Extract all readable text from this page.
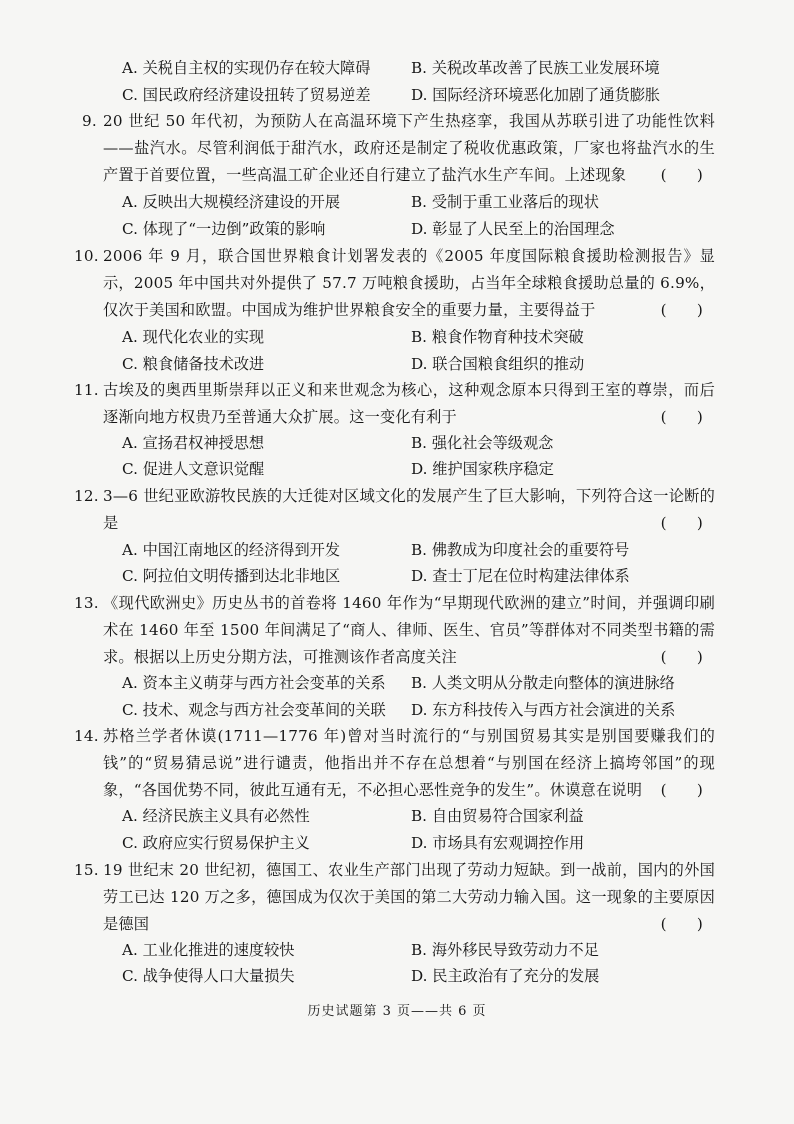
A. 关税自主权的实现仍存在较大障碍	B. 关税改革改善了民族工业发展环境
C. 国民政府经济建设扭转了贸易逆差	D. 国际经济环境恶化加剧了通货膨胀
9. 20 世纪 50 年代初，为预防人在高温环境下产生热痉挛，我国从苏联引进了功能性饮料——盐汽水。尽管利润低于甜汽水，政府还是制定了税收优惠政策，厂家也将盐汽水的生产置于首要位置，一些高温工矿企业还自行建立了盐汽水生产车间。上述现象 (      )
A. 反映出大规模经济建设的开展	B. 受制于重工业落后的现状
C. 体现了“一边倒”政策的影响	D. 彰显了人民至上的治国理念
10. 2006 年 9 月，联合国世界粮食计划署发表的《2005 年度国际粮食援助检测报告》显示，2005 年中国共对外提供了 57.7 万吨粮食援助，占当年全球粮食援助总量的 6.9%，仅次于美国和欧盟。中国成为维护世界粮食安全的重要力量，主要得益于	(      )
A. 现代化农业的实现	B. 粮食作物育种技术突破
C. 粮食储备技术改进	D. 联合国粮食组织的推动
11. 古埃及的奥西里斯崇拜以正义和来世观念为核心，这种观念原本只得到王室的尊崇，而后逐渐向地方权贵乃至普通大众扩展。这一变化有利于	(      )
A. 宣扬君权神授思想	B. 强化社会等级观念
C. 促进人文意识觉醒	D. 维护国家秩序稳定
12. 3—6 世纪亚欧游牧民族的大迁徙对区域文化的发展产生了巨大影响，下列符合这一论断的是	(      )
A. 中国江南地区的经济得到开发	B. 佛教成为印度社会的重要符号
C. 阿拉伯文明传播到达北非地区	D. 查士丁尼在位时构建法律体系
13. 《现代欧洲史》历史丛书的首卷将 1460 年作为“早期现代欧洲的建立”时间，并强调印刷术在 1460 年至 1500 年间满足了“商人、律师、医生、官员”等群体对不同类型书籍的需求。根据以上历史分期方法，可推测该作者高度关注	(      )
A. 资本主义萌芽与西方社会变革的关系 B. 人类文明从分散走向整体的演进脉络
C. 技术、观念与西方社会变革间的关联 D. 东方科技传入与西方社会演进的关系
14. 苏格兰学者休谟(1711—1776 年)曾对当时流行的“与别国贸易其实是别国要赚我们的钱”的“贸易猜忌说”进行谴责，他指出并不存在总想着“与别国在经济上搞垮邻国”的现象，“各国优势不同，彼此互通有无，不必担心恶性竞争的发生”。休谟意在说明 (      )
A. 经济民族主义具有必然性	B. 自由贸易符合国家利益
C. 政府应实行贸易保护主义	D. 市场具有宏观调控作用
15. 19 世纪末 20 世纪初，德国工、农业生产部门出现了劳动力短缺。到一战前，国内的外国劳工已达 120 万之多，德国成为仅次于美国的第二大劳动力输入国。这一现象的主要原因是德国	(      )
A. 工业化推进的速度较快	B. 海外移民导致劳动力不足
C. 战争使得人口大量损失	D. 民主政治有了充分的发展
历史试题第 3 页——共 6 页
